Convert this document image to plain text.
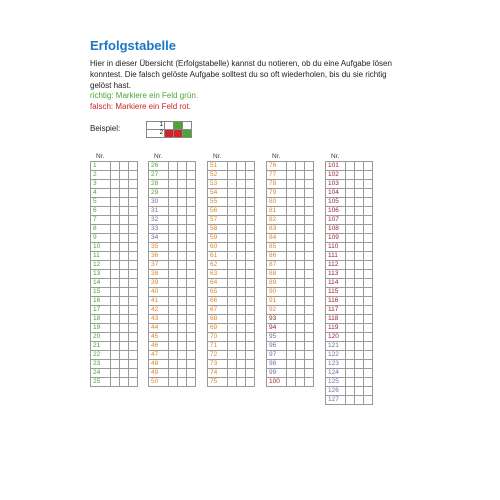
Erfolgstabelle
Hier in dieser Übersicht (Erfolgstabelle) kannst du notieren, ob du eine Aufgabe lösen konntest. Die falsch gelöste Aufgabe solltest du so oft wiederholen, bis du sie richtig gelöst hast.
richtig: Markiere ein Feld grün.
falsch: Markiere ein Feld rot.
Beispiel:	1			
2			
Nr.
1			
2			
3			
4			
5			
6			
7			
8			
9			
10			
11			
12			
13			
14			
15			
16			
17			
18			
19			
20			
21			
22			
23			
24			
25			
Nr.
26			
27			
28			
29			
30			
31			
32			
33			
34			
35			
36			
37			
38			
39			
40			
41			
42			
43			
44			
45			
46			
47			
48			
49			
50			
Nr.
51			
52			
53			
54			
55			
56			
57			
58			
59			
60			
61			
62			
63			
64			
65			
66			
67			
68			
69			
70			
71			
72			
73			
74			
75			
Nr.
76			
77			
78			
79			
80			
81			
82			
83			
84			
85			
86			
87			
88			
89			
90			
91			
92			
93			
94			
95			
96			
97			
98			
99			
100			
Nr.
101			
102			
103			
104			
105			
106			
107			
108			
109			
110			
111			
112			
113			
114			
115			
116			
117			
118			
119			
120			
121			
122			
123			
124			
125			
126			
127			
